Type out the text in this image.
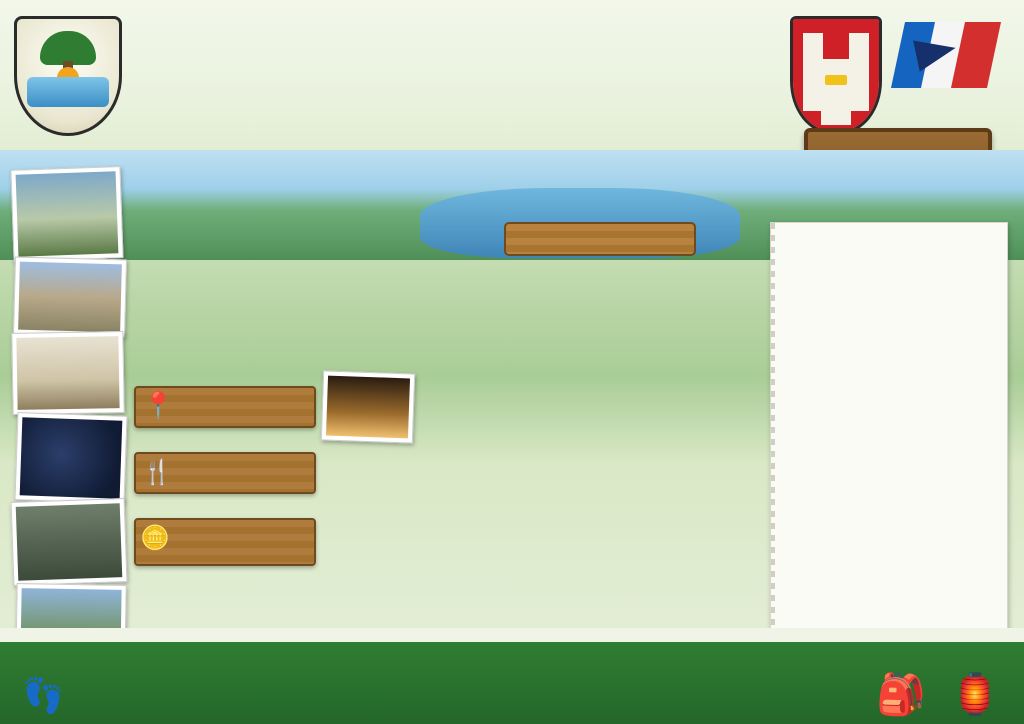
📍
🍴
🪙
🎒 🏮
👣
